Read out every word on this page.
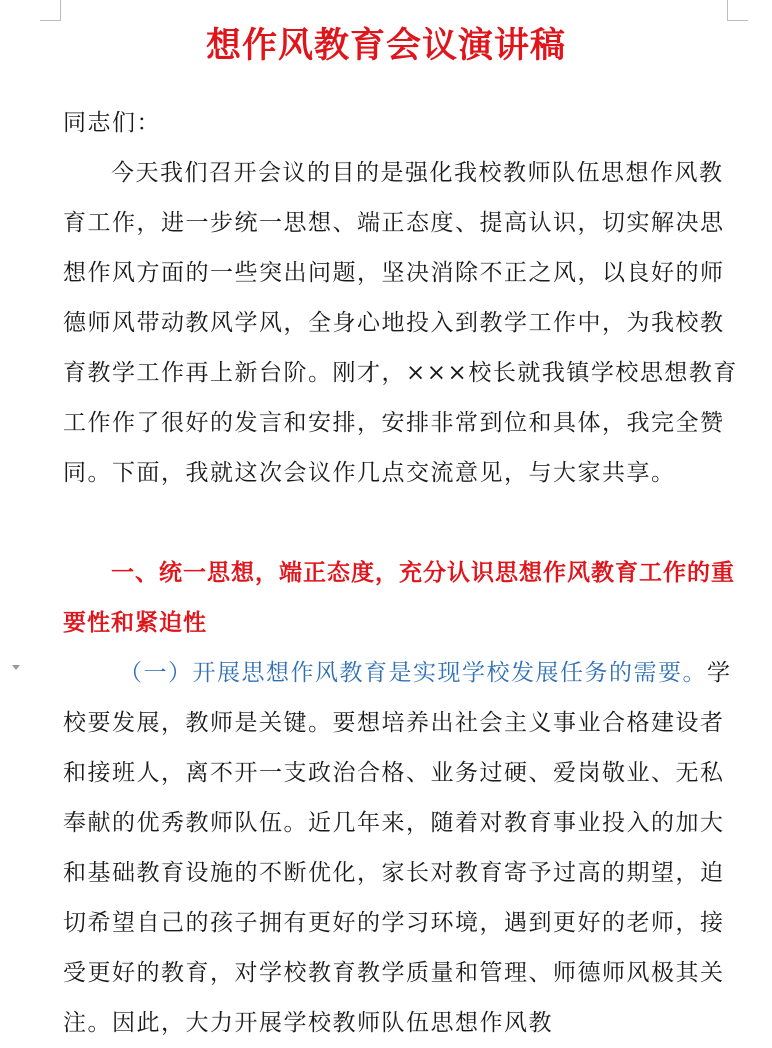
想作风教育会议演讲稿
同志们：
今天我们召开会议的目的是强化我校教师队伍思想作风教育工作，进一步统一思想、端正态度、提高认识，切实解决思想作风方面的一些突出问题，坚决消除不正之风，以良好的师德师风带动教风学风，全身心地投入到教学工作中，为我校教育教学工作再上新台阶。刚才，×××校长就我镇学校思想教育工作作了很好的发言和安排，安排非常到位和具体，我完全赞同。下面，我就这次会议作几点交流意见，与大家共享。
一、统一思想，端正态度，充分认识思想作风教育工作的重要性和紧迫性
（一）开展思想作风教育是实现学校发展任务的需要。学校要发展，教师是关键。要想培养出社会主义事业合格建设者和接班人，离不开一支政治合格、业务过硬、爱岗敬业、无私奉献的优秀教师队伍。近几年来，随着对教育事业投入的加大和基础教育设施的不断优化，家长对教育寄予过高的期望，迫切希望自己的孩子拥有更好的学习环境，遇到更好的老师，接受更好的教育，对学校教育教学质量和管理、师德师风极其关注。因此，大力开展学校教师队伍思想作风教
